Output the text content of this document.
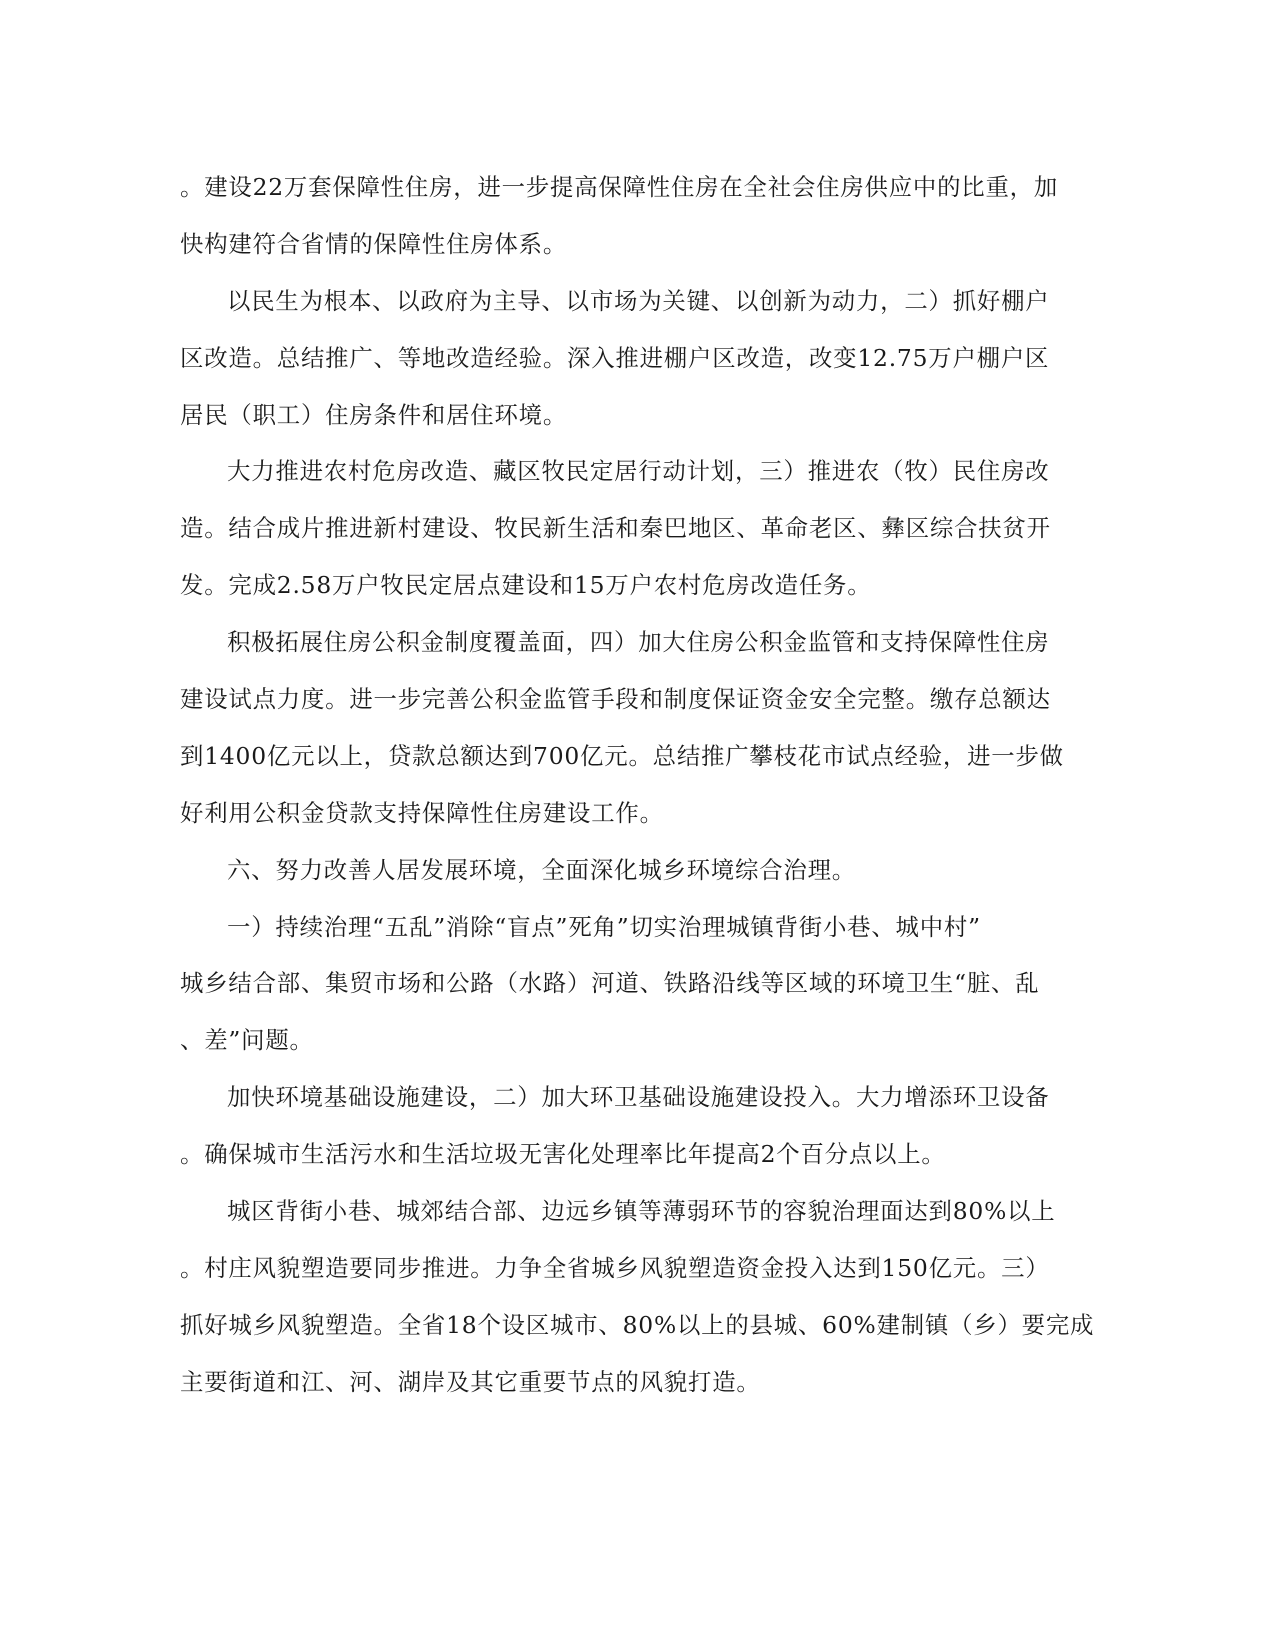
。建设22万套保障性住房，进一步提高保障性住房在全社会住房供应中的比重，加
快构建符合省情的保障性住房体系。
以民生为根本、以政府为主导、以市场为关键、以创新为动力，二）抓好棚户
区改造。总结推广、等地改造经验。深入推进棚户区改造，改变12.75万户棚户区
居民（职工）住房条件和居住环境。
大力推进农村危房改造、藏区牧民定居行动计划，三）推进农（牧）民住房改
造。结合成片推进新村建设、牧民新生活和秦巴地区、革命老区、彝区综合扶贫开
发。完成2.58万户牧民定居点建设和15万户农村危房改造任务。
积极拓展住房公积金制度覆盖面，四）加大住房公积金监管和支持保障性住房
建设试点力度。进一步完善公积金监管手段和制度保证资金安全完整。缴存总额达
到1400亿元以上，贷款总额达到700亿元。总结推广攀枝花市试点经验，进一步做
好利用公积金贷款支持保障性住房建设工作。
六、努力改善人居发展环境，全面深化城乡环境综合治理。
一）持续治理“五乱”消除“盲点”死角”切实治理城镇背街小巷、城中村”
城乡结合部、集贸市场和公路（水路）河道、铁路沿线等区域的环境卫生“脏、乱
、差”问题。
加快环境基础设施建设，二）加大环卫基础设施建设投入。大力增添环卫设备
。确保城市生活污水和生活垃圾无害化处理率比年提高2个百分点以上。
城区背街小巷、城郊结合部、边远乡镇等薄弱环节的容貌治理面达到80%以上
。村庄风貌塑造要同步推进。力争全省城乡风貌塑造资金投入达到150亿元。三）
抓好城乡风貌塑造。全省18个设区城市、80%以上的县城、60%建制镇（乡）要完成
主要街道和江、河、湖岸及其它重要节点的风貌打造。
